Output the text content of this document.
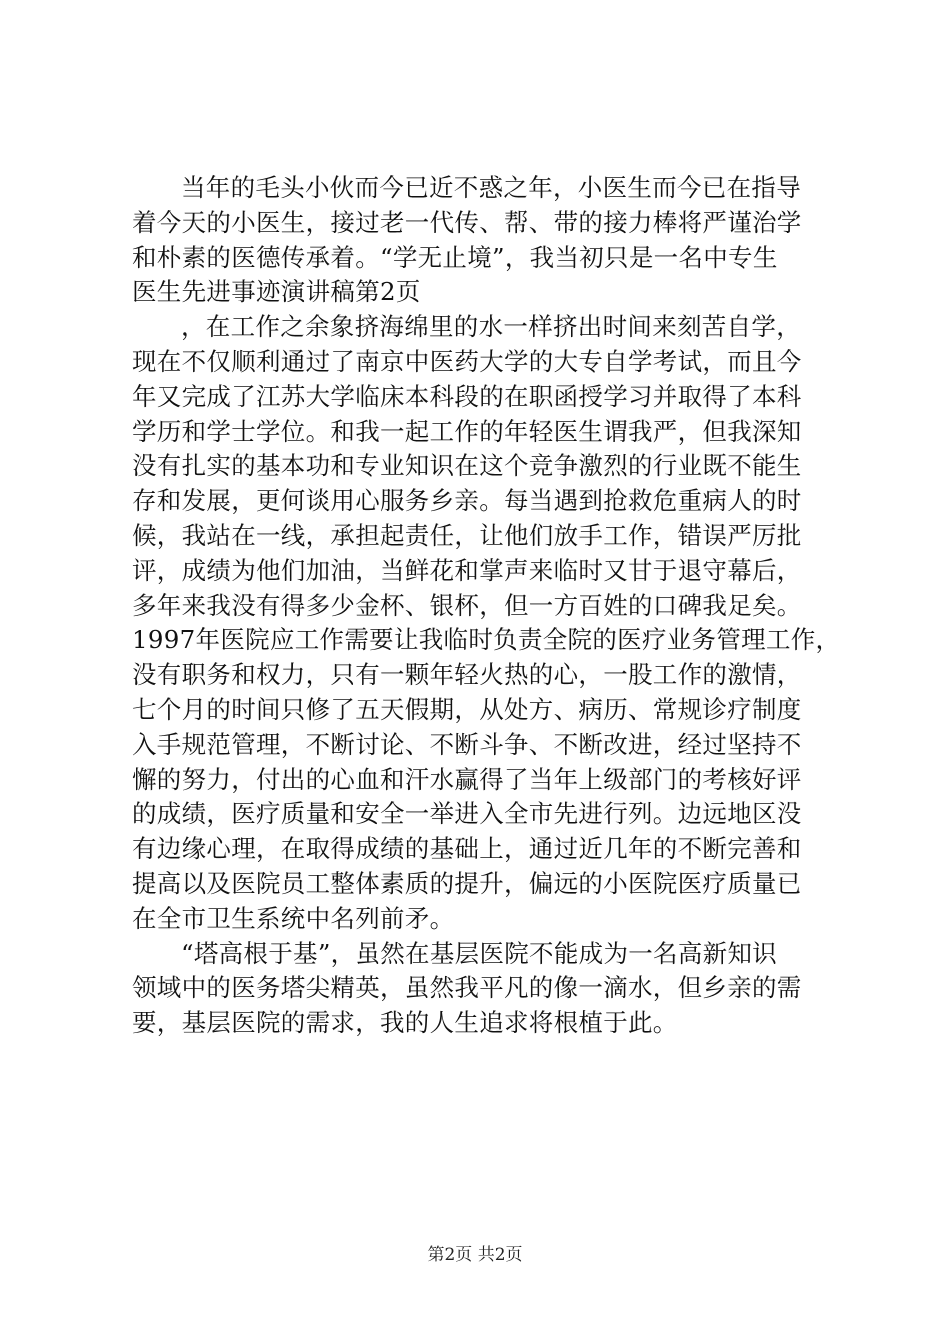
当年的毛头小伙而今已近不惑之年，小医生而今已在指导
着今天的小医生，接过老一代传、帮、带的接力棒将严谨治学
和朴素的医德传承着。“学无止境”，我当初只是一名中专生
医生先进事迹演讲稿第2页
，在工作之余象挤海绵里的水一样挤出时间来刻苦自学，
现在不仅顺利通过了南京中医药大学的大专自学考试，而且今
年又完成了江苏大学临床本科段的在职函授学习并取得了本科
学历和学士学位。和我一起工作的年轻医生谓我严，但我深知
没有扎实的基本功和专业知识在这个竞争激烈的行业既不能生
存和发展，更何谈用心服务乡亲。每当遇到抢救危重病人的时
候，我站在一线，承担起责任，让他们放手工作，错误严厉批
评，成绩为他们加油，当鲜花和掌声来临时又甘于退守幕后，
多年来我没有得多少金杯、银杯，但一方百姓的口碑我足矣。
1997年医院应工作需要让我临时负责全院的医疗业务管理工作，
没有职务和权力，只有一颗年轻火热的心，一股工作的激情，
七个月的时间只修了五天假期，从处方、病历、常规诊疗制度
入手规范管理，不断讨论、不断斗争、不断改进，经过坚持不
懈的努力，付出的心血和汗水赢得了当年上级部门的考核好评
的成绩，医疗质量和安全一举进入全市先进行列。边远地区没
有边缘心理，在取得成绩的基础上，通过近几年的不断完善和
提高以及医院员工整体素质的提升，偏远的小医院医疗质量已
在全市卫生系统中名列前矛。
“塔高根于基”，虽然在基层医院不能成为一名高新知识
领域中的医务塔尖精英，虽然我平凡的像一滴水，但乡亲的需
要，基层医院的需求，我的人生追求将根植于此。
第2页 共2页
